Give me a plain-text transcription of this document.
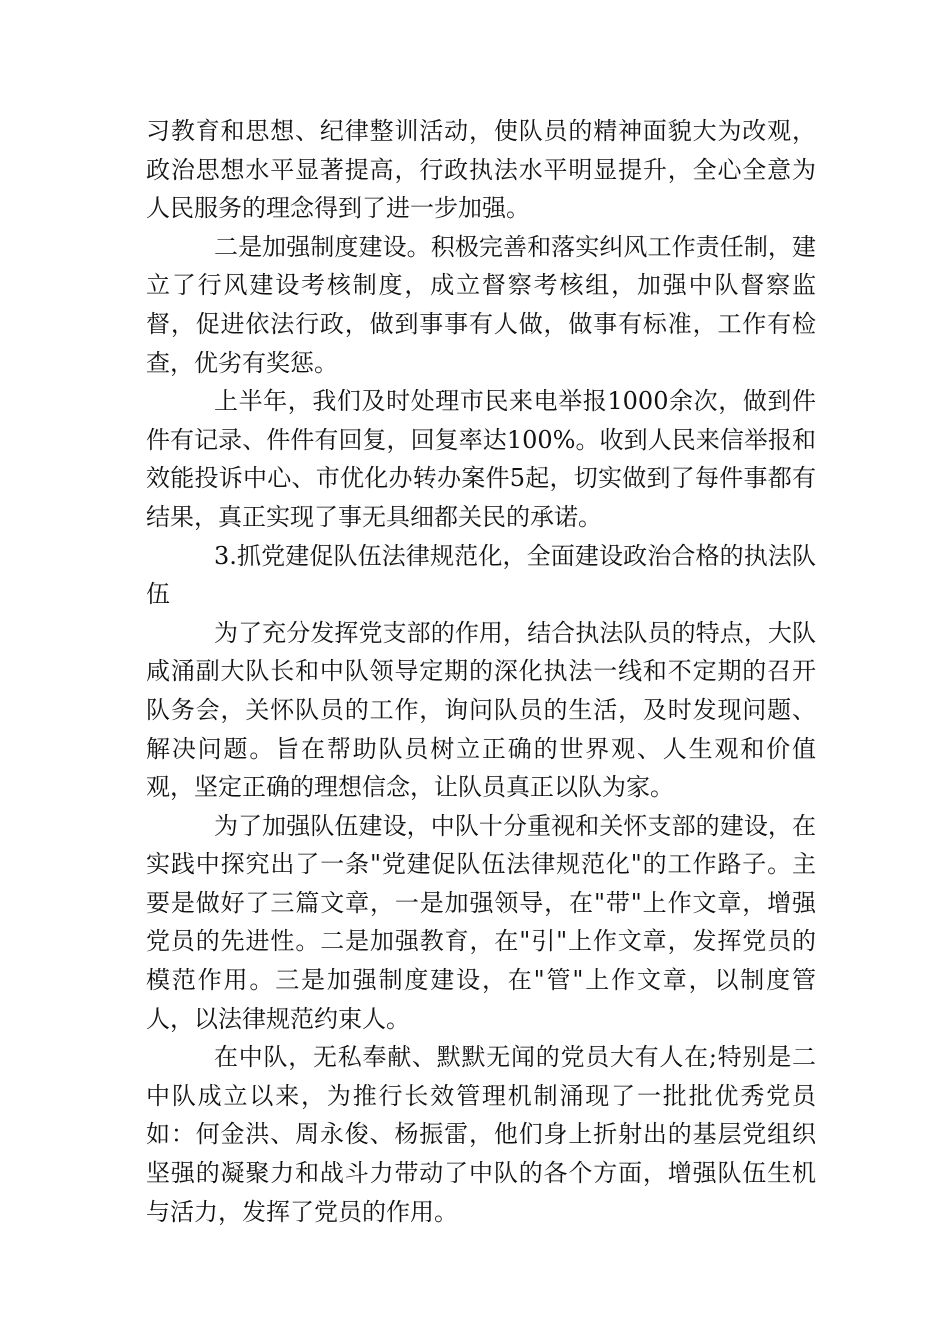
习教育和思想、纪律整训活动，使队员的精神面貌大为改观，政治思想水平显著提高，行政执法水平明显提升，全心全意为人民服务的理念得到了进一步加强。

二是加强制度建设。积极完善和落实纠风工作责任制，建立了行风建设考核制度，成立督察考核组，加强中队督察监督，促进依法行政，做到事事有人做，做事有标准，工作有检查，优劣有奖惩。

上半年，我们及时处理市民来电举报1000余次，做到件件有记录、件件有回复，回复率达100%。收到人民来信举报和效能投诉中心、市优化办转办案件5起，切实做到了每件事都有结果，真正实现了事无具细都关民的承诺。

3.抓党建促队伍法律规范化，全面建设政治合格的执法队伍

为了充分发挥党支部的作用，结合执法队员的特点，大队咸涌副大队长和中队领导定期的深化执法一线和不定期的召开队务会，关怀队员的工作，询问队员的生活，及时发现问题、解决问题。旨在帮助队员树立正确的世界观、人生观和价值观，坚定正确的理想信念，让队员真正以队为家。

为了加强队伍建设，中队十分重视和关怀支部的建设，在实践中探究出了一条"党建促队伍法律规范化"的工作路子。主要是做好了三篇文章，一是加强领导，在"带"上作文章，增强党员的先进性。二是加强教育，在"引"上作文章，发挥党员的模范作用。三是加强制度建设，在"管"上作文章，以制度管人，以法律规范约束人。

在中队，无私奉献、默默无闻的党员大有人在;特别是二中队成立以来，为推行长效管理机制涌现了一批批优秀党员如：何金洪、周永俊、杨振雷，他们身上折射出的基层党组织坚强的凝聚力和战斗力带动了中队的各个方面，增强队伍生机与活力，发挥了党员的作用。
